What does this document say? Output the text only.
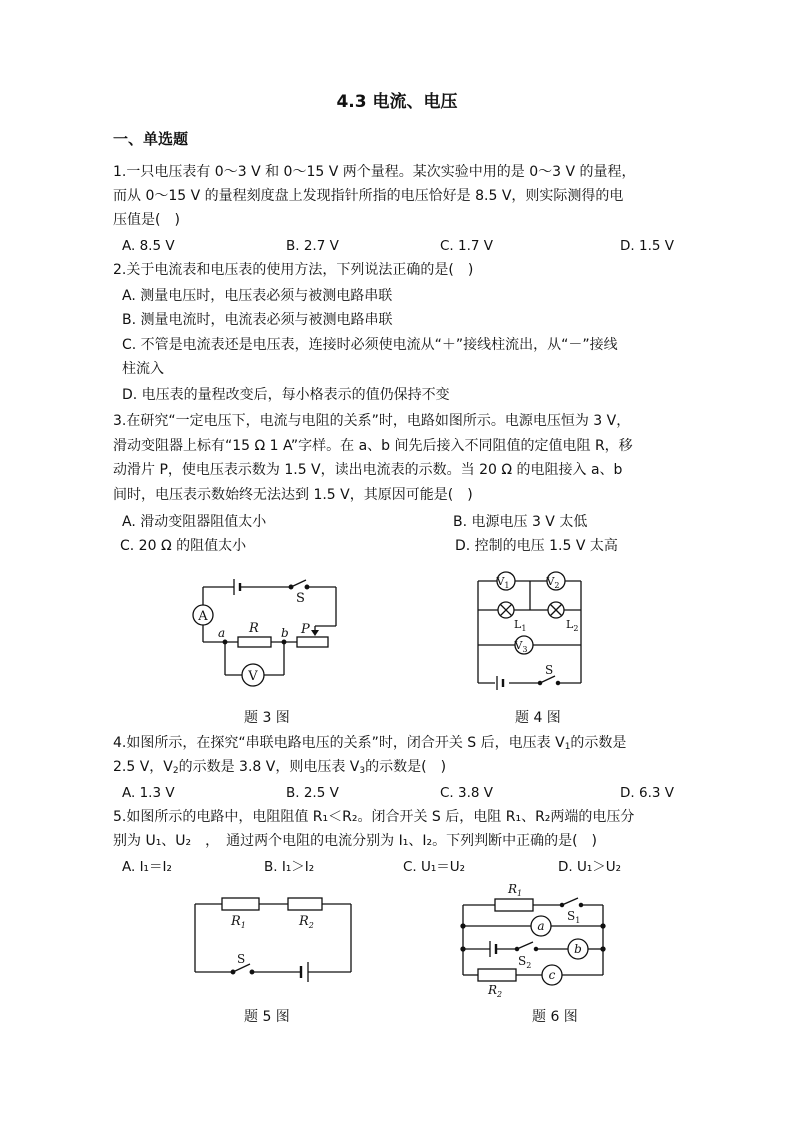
4.3 电流、电压
一、单选题
1.一只电压表有 0～3 V 和 0～15 V 两个量程。某次实验中用的是 0～3 V 的量程，
而从 0～15 V 的量程刻度盘上发现指针所指的电压恰好是 8.5 V，则实际测得的电
压值是(　)
A. 8.5 V	B. 2.7 V	C. 1.7 V	D. 1.5 V
2.关于电流表和电压表的使用方法，下列说法正确的是(　)
A. 测量电压时，电压表必须与被测电路串联
B. 测量电流时，电流表必须与被测电路串联
C. 不管是电流表还是电压表，连接时必须使电流从“＋”接线柱流出，从“－”接线
柱流入
D. 电压表的量程改变后，每小格表示的值仍保持不变
3.在研究“一定电压下，电流与电阻的关系”时，电路如图所示。电源电压恒为 3 V，
滑动变阻器上标有“15 Ω 1 A”字样。在 a、b 间先后接入不同阻值的定值电阻 R，移
动滑片 P，使电压表示数为 1.5 V，读出电流表的示数。当 20 Ω 的电阻接入 a、b
间时，电压表示数始终无法达到 1.5 V，其原因可能是(　)
A. 滑动变阻器阻值太小	B. 电源电压 3 V 太低
C. 20 Ω 的阻值太小	D. 控制的电压 1.5 V 太高
A
S
a R b P
V
题 3 图
$V_1$	$V_2$
$L_1$	$L_2$
$V_3$
S
题 4 图
4.如图所示，在探究“串联电路电压的关系”时，闭合开关 S 后，电压表 $V_1$的示数是
2.5 V，$V_2$的示数是 3.8 V，则电压表 $V_3$的示数是(　)
A. 1.3 V	B. 2.5 V	C. 3.8 V	D. 6.3 V
5.如图所示的电路中，电阻阻值 R₁＜R₂。闭合开关 S 后，电阻 R₁、R₂两端的电压分
别为 U₁、U₂　，　通过两个电阻的电流分别为 I₁、I₂。下列判断中正确的是(　)
A. I₁＝I₂	B. I₁＞I₂	C. U₁＝U₂	D. U₁＞U₂
$R_1$	$R_2$
S
题 5 图
$R_1$
$S_1$
a
b
$S_2$
c
$R_2$
题 6 图
